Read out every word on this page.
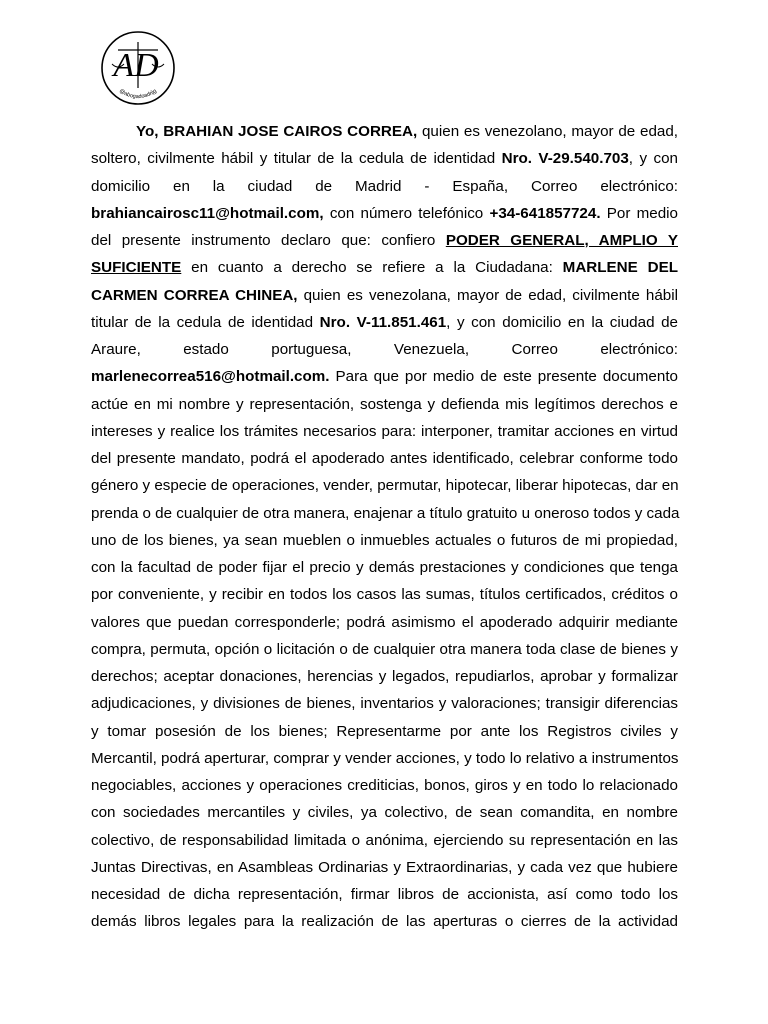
@abogadoadrijg
AD
Yo, BRAHIAN JOSE CAIROS CORREA, quien es venezolano, mayor de edad,
soltero, civilmente hábil y titular de la cedula de identidad Nro. V-29.540.703, y con
domicilio en la ciudad de Madrid - España, Correo electrónico:
brahiancairosc11@hotmail.com, con número telefónico +34-641857724. Por medio
del presente instrumento declaro que: confiero PODER GENERAL, AMPLIO Y
SUFICIENTE en cuanto a derecho se refiere a la Ciudadana: MARLENE DEL
CARMEN CORREA CHINEA, quien es venezolana, mayor de edad, civilmente hábil
titular de la cedula de identidad Nro. V-11.851.461, y con domicilio en la ciudad de
Araure, estado portuguesa, Venezuela, Correo electrónico:
marlenecorrea516@hotmail.com. Para que por medio de este presente documento
actúe en mi nombre y representación, sostenga y defienda mis legítimos derechos e
intereses y realice los trámites necesarios para: interponer, tramitar acciones en virtud
del presente mandato, podrá el apoderado antes identificado, celebrar conforme todo
género y especie de operaciones, vender, permutar, hipotecar, liberar hipotecas, dar en
prenda o de cualquier de otra manera, enajenar a título gratuito u oneroso todos y cada
uno de los bienes, ya sean mueblen o inmuebles actuales o futuros de mi propiedad,
con la facultad de poder fijar el precio y demás prestaciones y condiciones que tenga
por conveniente, y recibir en todos los casos las sumas, títulos certificados, créditos o
valores que puedan corresponderle; podrá asimismo el apoderado adquirir mediante
compra, permuta, opción o licitación o de cualquier otra manera toda clase de bienes y
derechos; aceptar donaciones, herencias y legados, repudiarlos, aprobar y formalizar
adjudicaciones, y divisiones de bienes, inventarios y valoraciones; transigir diferencias
y tomar posesión de los bienes; Representarme por ante los Registros civiles y
Mercantil, podrá aperturar, comprar y vender acciones, y todo lo relativo a instrumentos
negociables, acciones y operaciones crediticias, bonos, giros y en todo lo relacionado
con sociedades mercantiles y civiles, ya colectivo, de sean comandita, en nombre
colectivo, de responsabilidad limitada o anónima, ejerciendo su representación en las
Juntas Directivas, en Asambleas Ordinarias y Extraordinarias, y cada vez que hubiere
necesidad de dicha representación, firmar libros de accionista, así como todo los
demás libros legales para la realización de las aperturas o cierres de la actividad
